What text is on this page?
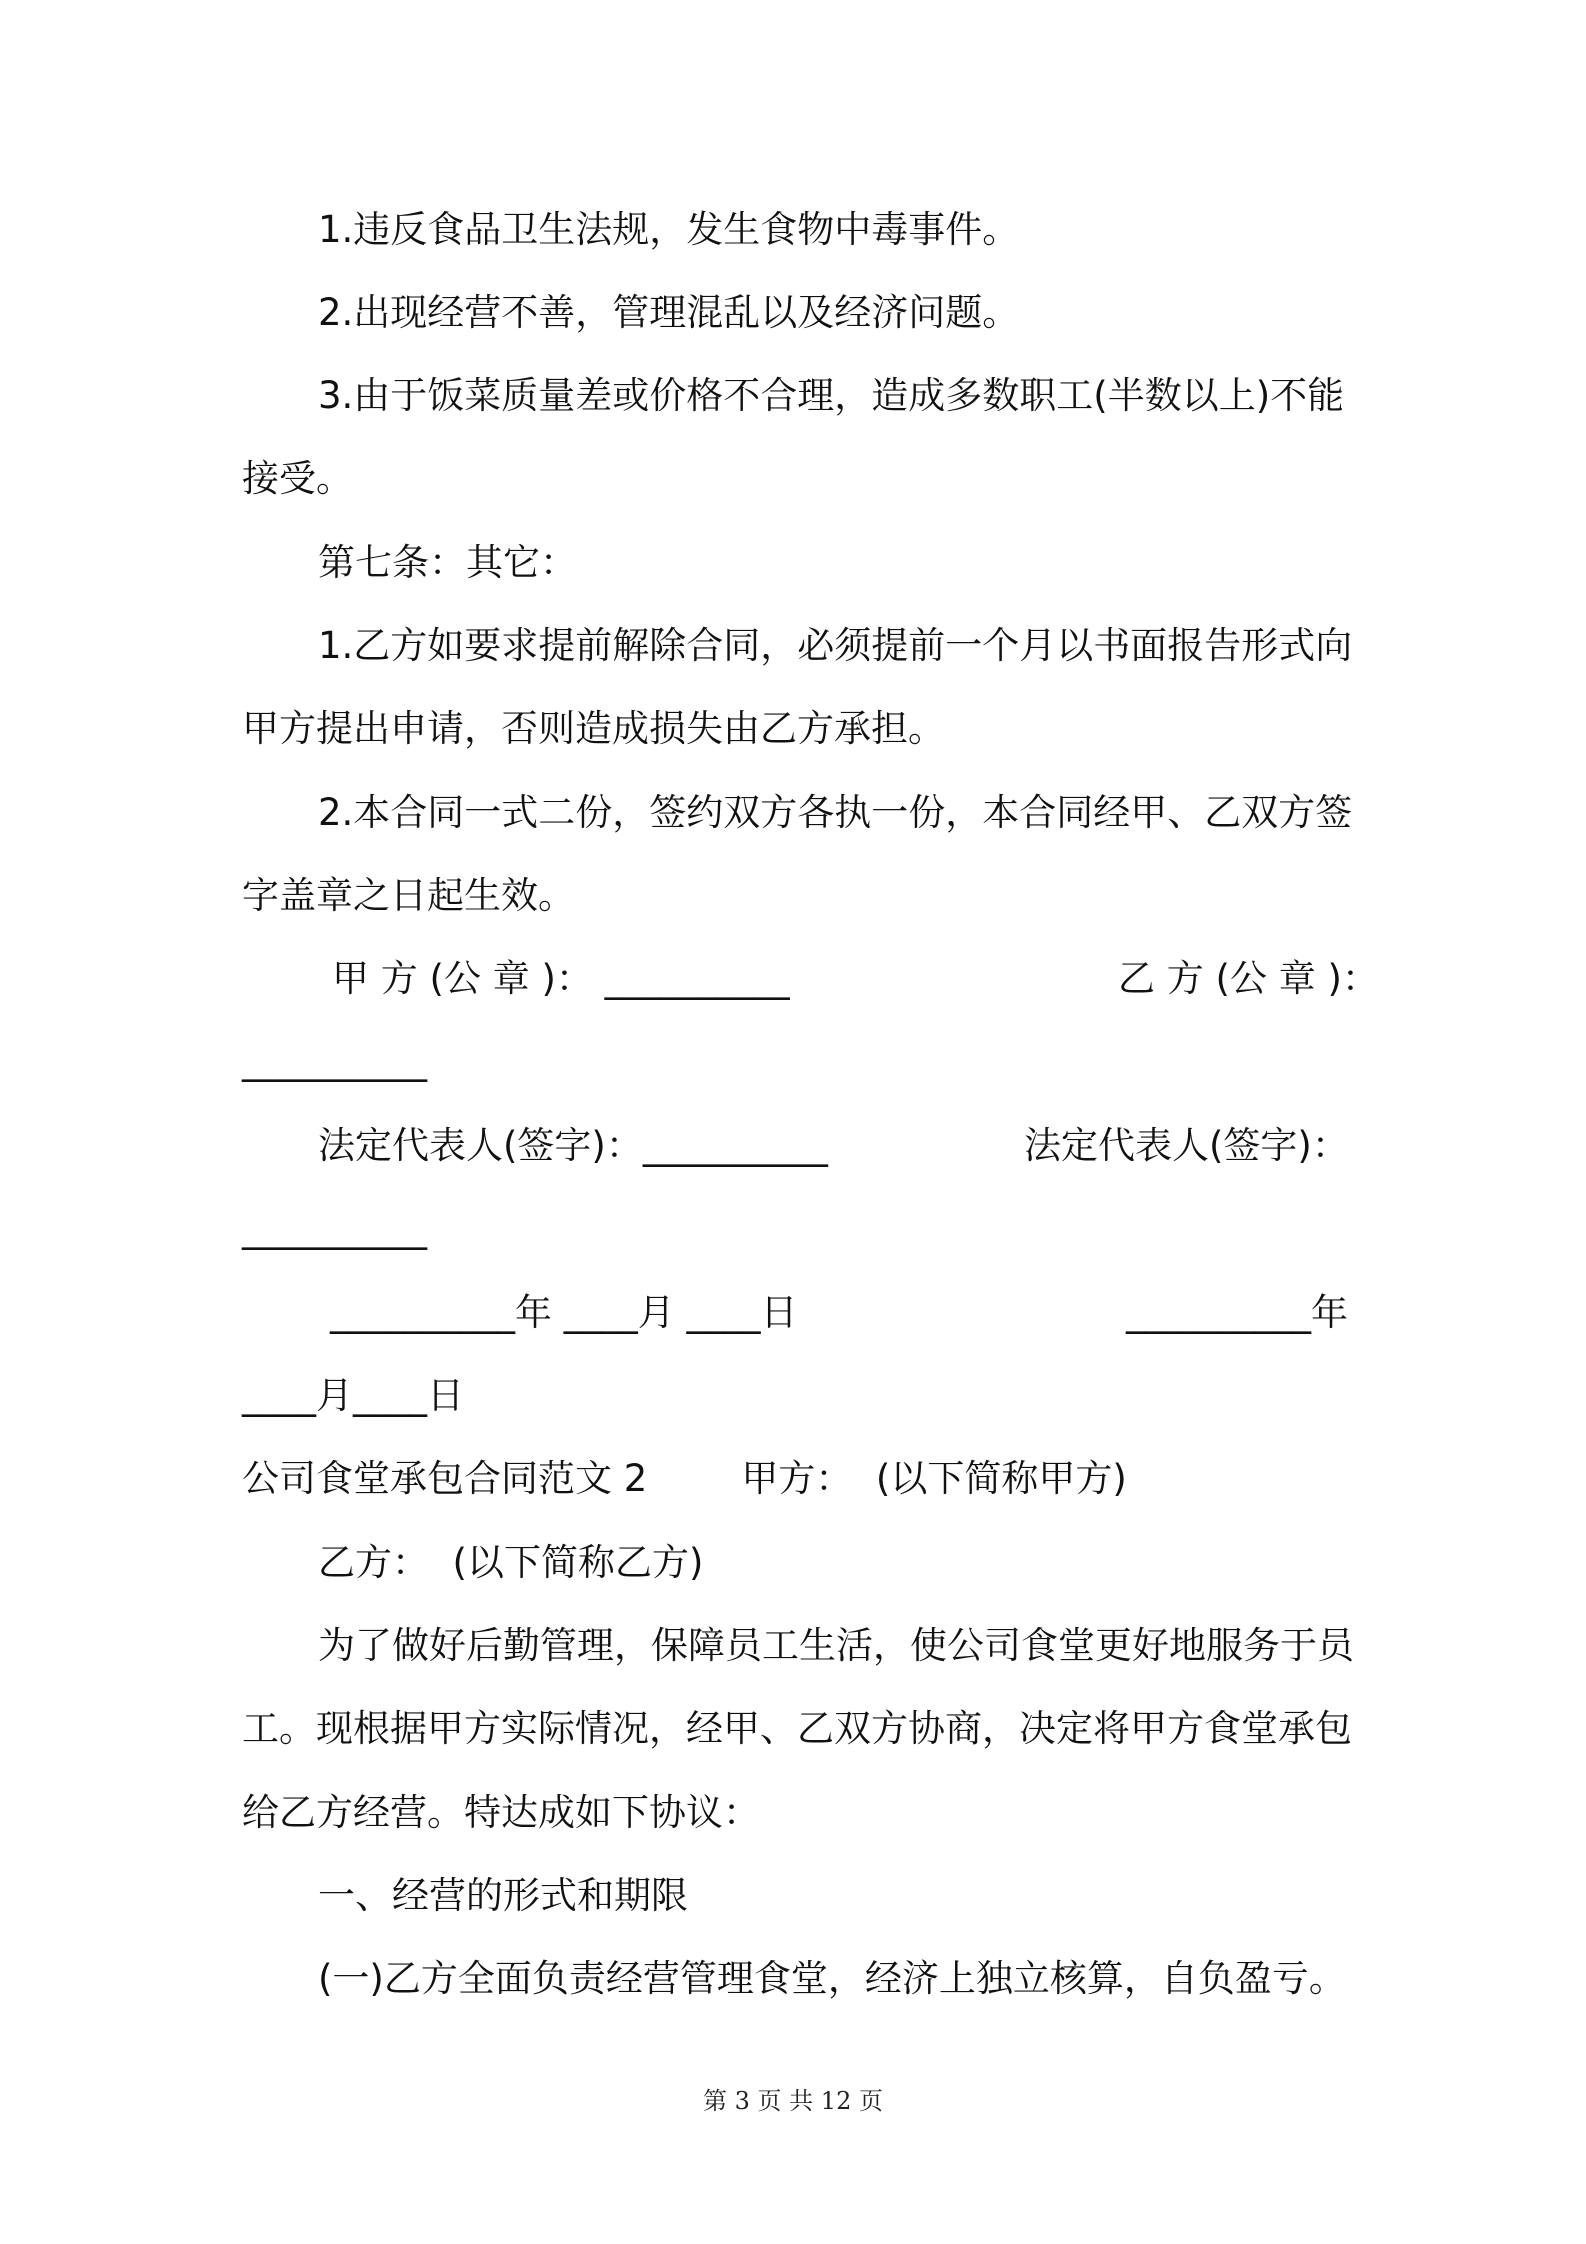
1.违反食品卫生法规，发生食物中毒事件。
2.出现经营不善，管理混乱以及经济问题。
3.由于饭菜质量差或价格不合理，造成多数职工(半数以上)不能
接受。
第七条：其它：
1.乙方如要求提前解除合同，必须提前一个月以书面报告形式向
甲方提出申请，否则造成损失由乙方承担。
2.本合同一式二份，签约双方各执一份，本合同经甲、乙双方签
字盖章之日起生效。
甲 方 (公 章 )： __________	乙 方 (公 章 )：
__________
法定代表人(签字)：__________	法定代表人(签字)：
__________
__________年 ____月 ____日	__________年
____月____日
公司食堂承包合同范文 2        甲方：  (以下简称甲方)
乙方：  (以下简称乙方)
为了做好后勤管理，保障员工生活，使公司食堂更好地服务于员
工。现根据甲方实际情况，经甲、乙双方协商，决定将甲方食堂承包
给乙方经营。特达成如下协议：
一、经营的形式和期限
(一)乙方全面负责经营管理食堂，经济上独立核算，自负盈亏。
第 3 页 共 12 页
